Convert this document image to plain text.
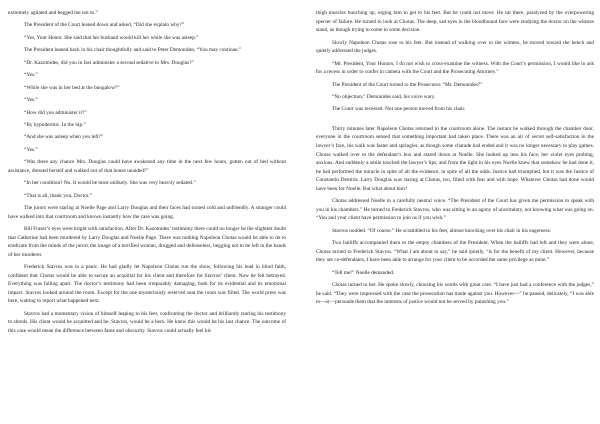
extremely agitated and begged me not to.”

The President of the Court leaned down and asked, “Did she explain why?”

“Yes, Your Honor. She said that her husband would kill her while she was asleep.”

The President leaned back in his chair thoughtfully and said to Peter Demonides, “You may continue.”

“Dr. Kazomides, did you in fact administer a second sedative to Mrs. Douglas?”

“Yes.”

“While she was in her bed at the bungalow?”

“Yes.”

“How did you administer it?”

“By hypodermic. In the hip.”

“And she was asleep when you left?”

“Yes.”

“Was there any chance Mrs. Douglas could have awakened any time in the next few hours, gotten out of bed without assistance, dressed herself and walked out of that house unaided?”

“In her condition? No. It would be most unlikely. She was very heavily sedated.”

“That is all, thank you, Doctor.”

The jurors were staring at Noelle Page and Larry Douglas and their faces had turned cold and unfriendly. A stranger could have walked into that courtroom and known instantly how the case was going.

Bill Fraser’s eyes were bright with satisfaction. After Dr. Kazomides’ testimony there could no longer be the slightest doubt that Catherine had been murdered by Larry Douglas and Noelle Page. There was nothing Napoleon Chotas would be able to do to eradicate from the minds of the jurors the image of a terrified woman, drugged and defenseless, begging not to be left in the hands of her murderer.

Frederick Stavros was in a panic. He had gladly let Napoleon Chotas run the show, following his lead in blind faith, confident that Chotas would be able to secure an acquittal for his client and therefore for Stavros’ client. Now he felt betrayed. Everything was falling apart. The doctor’s testimony had been irreparably damaging, both for its evidential and its emotional impact. Stavros looked around the room. Except for the one mysteriously reserved seat the room was filled. The world press was here, waiting to report what happened next.

Stavros had a momentary vision of himself leaping to his feet, confronting the doctor and brilliantly tearing his testimony to shreds. His client would be acquitted and he, Stavros, would be a hero. He knew this would be his last chance. The outcome of this case would mean the difference between fame and obscurity. Stavros could actually feel his

thigh muscles bunching up, urging him to get to his feet. But he could not move. He sat there, paralyzed by the overpowering specter of failure. He turned to look at Chotas. The deep, sad eyes in the bloodhound face were studying the doctor on the witness stand, as though trying to come to some decision.

Slowly Napoleon Chotas rose to his feet. But instead of walking over to the witness, he moved toward the bench and quietly addressed the judges.

“Mr. President, Your Honors, I do not wish to cross-examine the witness. With the Court’s permission, I would like to ask for a recess in order to confer in camera with the Court and the Prosecuting Attorney.”

The President of the Court turned to the Prosecutor. “Mr. Demonides?”

“No objection,” Demonides said, his voice wary.

The Court was recessed. Not one person moved from his chair.

Thirty minutes later Napoleon Chotas returned to the courtroom alone. The instant he walked through the chamber door, everyone in the courtroom sensed that something important had taken place. There was an air of secret self-satisfaction in the lawyer’s face, his walk was faster and springier, as though some charade had ended and it was no longer necessary to play games. Chotas walked over to the defendant’s box and stared down at Noelle. She looked up into his face, her violet eyes probing, anxious. And suddenly a smile touched the lawyer’s lips, and from the light in his eyes Noelle knew that somehow he had done it, he had performed the miracle in spite of all the evidence, in spite of all the odds. Justice had triumphed, but it was the Justice of Constantin Demiris. Larry Douglas was staring at Chotas, too, filled with fear and with hope. Whatever Chotas had done would have been for Noelle. But what about him?

Chotas addressed Noelle in a carefully neutral voice. “The President of the Court has given me permission to speak with you in his chambers.” He turned to Frederick Stavros, who was sitting in an agony of uncertainty, not knowing what was going on. “You and your client have permission to join us if you wish.”

Stavros nodded. “Of course.” He scrambled to his feet, almost knocking over his chair in his eagerness.

Two bailiffs accompanied them to the empty chambers of the President. When the bailiffs had left and they were alone, Chotas turned to Frederick Stavros. “What I am about to say,” he said quietly, “is for the benefit of my client. However, because they are co-defendants, I have been able to arrange for your client to be accorded the same privilege as mine.”

“Tell me!” Noelle demanded.

Chotas turned to her. He spoke slowly, choosing his words with great care. “I have just had a conference with the judges,” he said. “They were impressed with the case the prosecution has made against you. However—” he paused, delicately, “I was able to—or—persuade them that the interests of justice would not be served by punishing you.”
